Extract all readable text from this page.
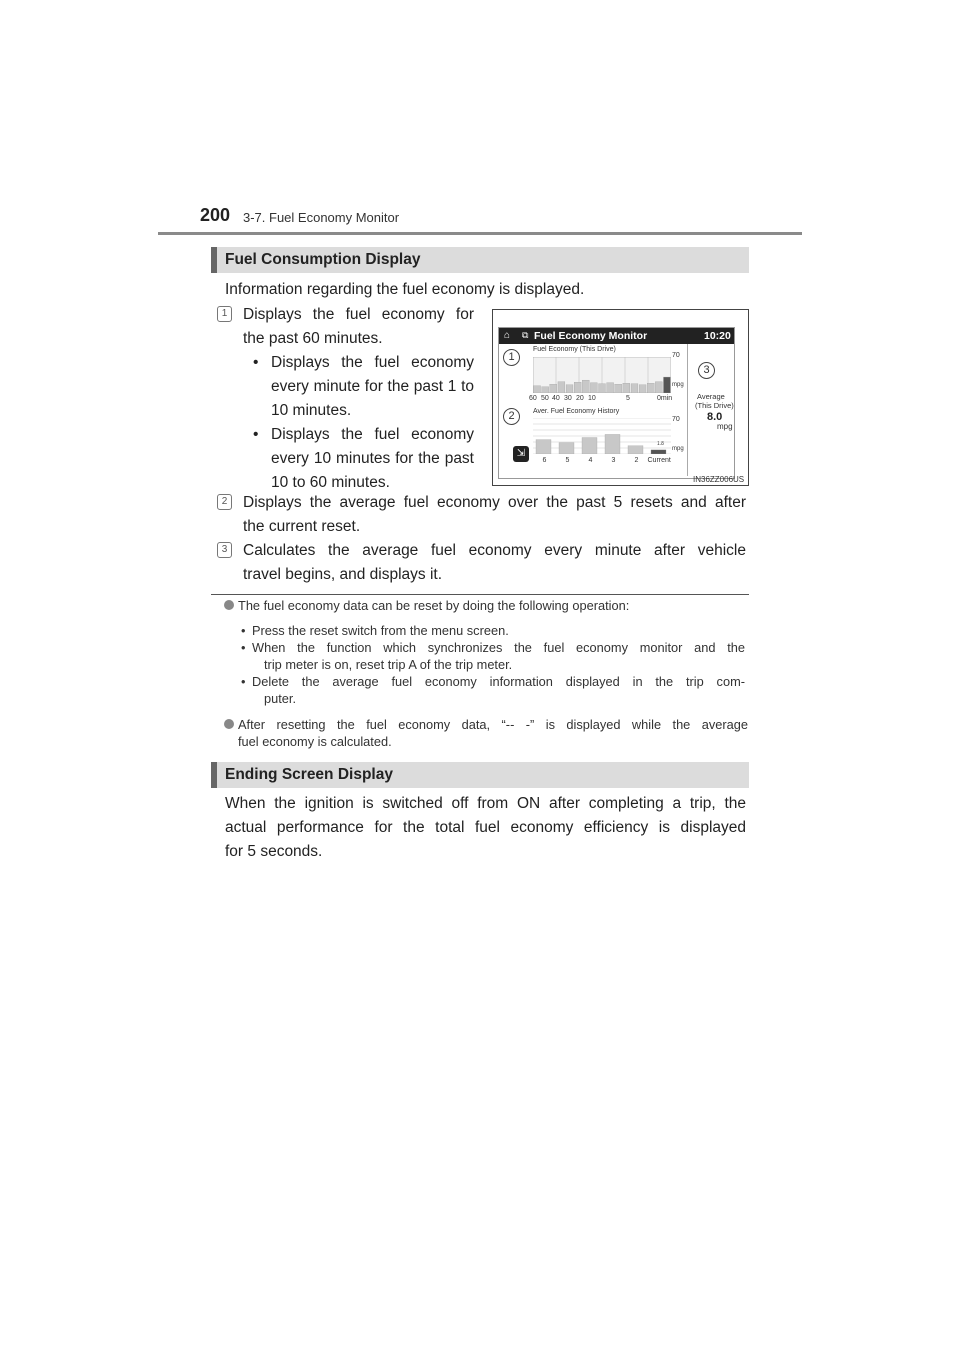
200 3-7. Fuel Economy Monitor
Fuel Consumption Display
Information regarding the fuel economy is displayed.
1	Displays the fuel economy for
the past 60 minutes.
• Displays the fuel economy
every minute for the past 1 to
10 minutes.
• Displays the fuel economy
every 10 minutes for the past
10 to 60 minutes.
⌂ ⧉ Fuel Economy Monitor	10:20
Fuel Economy (This Drive)
70
mpg
60 50 40 30 20 10	5	0min
Aver. Fuel Economy History
70
mpg
1.8
6	5	4	3	2 Current
⇲
Average
(This Drive)
8.0
mpg
1
2
3
IN36ZZ006US
2	Displays the average fuel economy over the past 5 resets and after
the current reset.
3	Calculates the average fuel economy every minute after vehicle
travel begins, and displays it.
The fuel economy data can be reset by doing the following operation:
• Press the reset switch from the menu screen.
• When the function which synchronizes the fuel economy monitor and the
trip meter is on, reset trip A of the trip meter.
• Delete the average fuel economy information displayed in the trip com-
puter.
After resetting the fuel economy data, “-- -” is displayed while the average
fuel economy is calculated.
Ending Screen Display
When the ignition is switched off from ON after completing a trip, the
actual performance for the total fuel economy efficiency is displayed
for 5 seconds.
